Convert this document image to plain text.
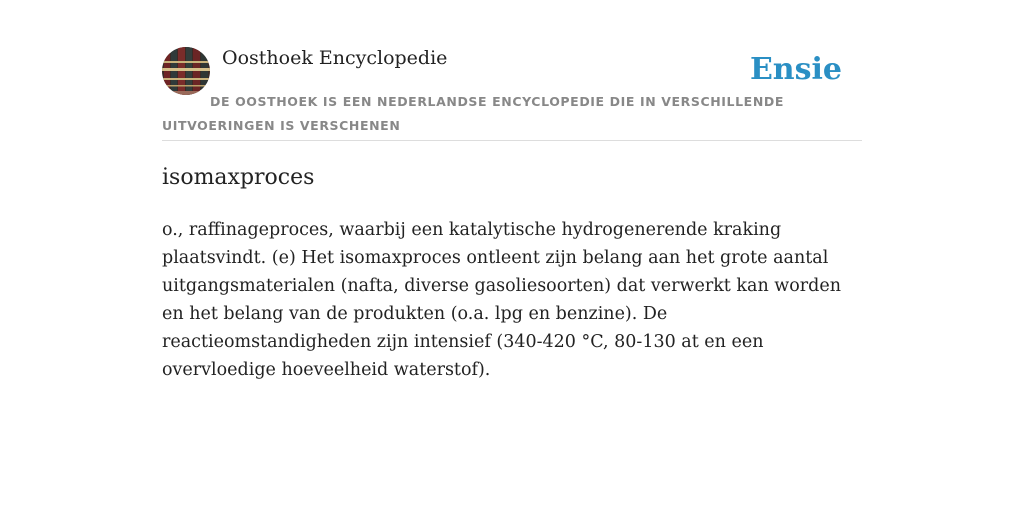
Oosthoek Encyclopedie	Ensie
DE OOSTHOEK IS EEN NEDERLANDSE ENCYCLOPEDIE DIE IN VERSCHILLENDE UITVOERINGEN IS VERSCHENEN
isomaxproces

o., raffinageproces, waarbij een katalytische hydrogenerende kraking plaatsvindt. (e) Het isomaxproces ontleent zijn belang aan het grote aantal uitgangsmaterialen (nafta, diverse gasoliesoorten) dat verwerkt kan worden en het belang van de produkten (o.a. lpg en benzine). De reactieomstandigheden zijn intensief (340-420 °C, 80-130 at en een overvloedige hoeveelheid waterstof).
